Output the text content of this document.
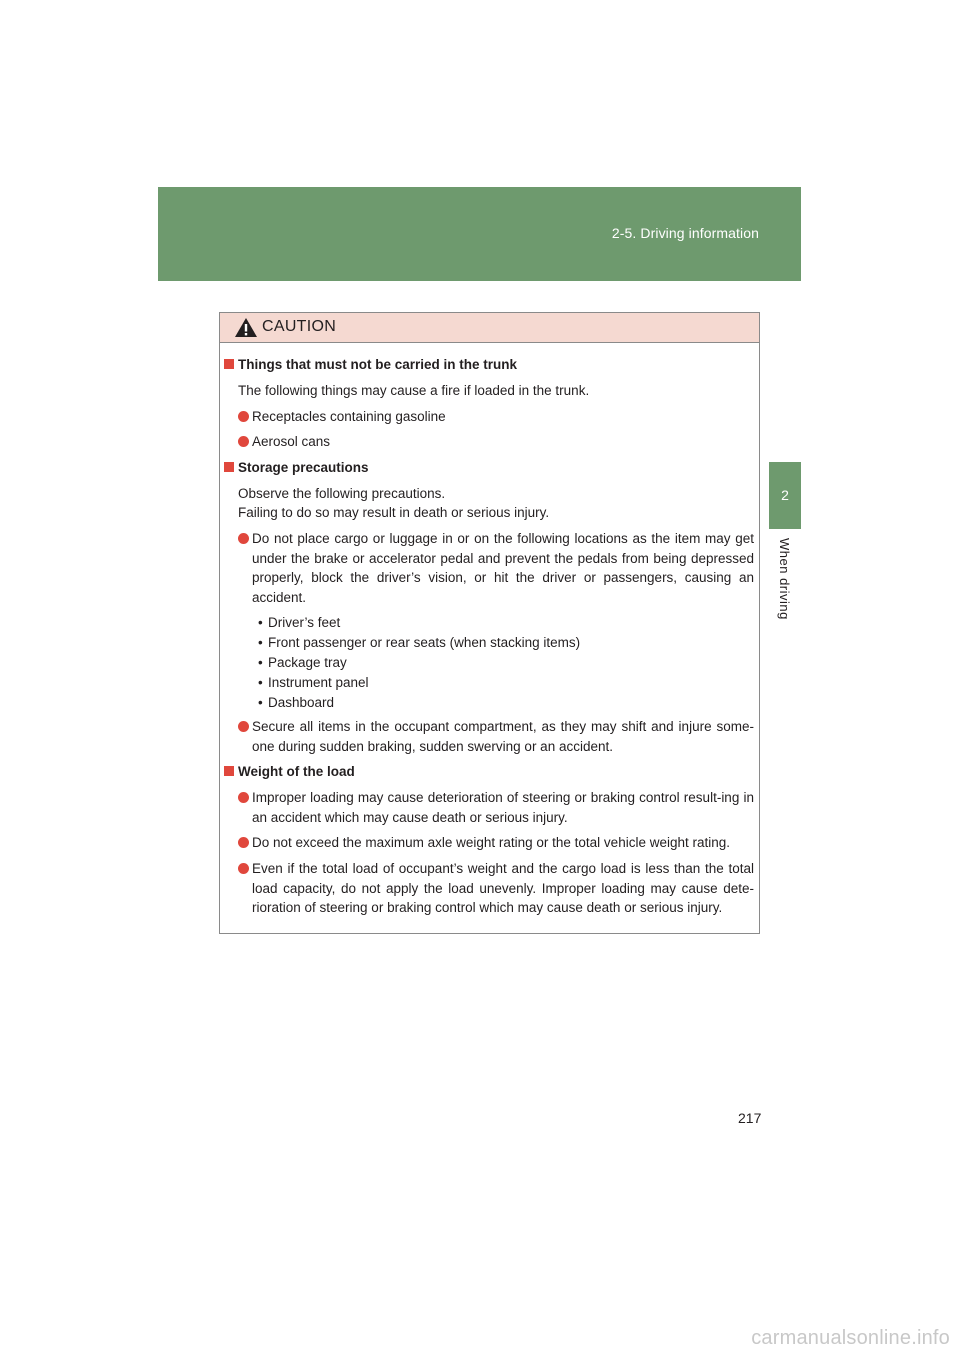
2-5. Driving information
2
When driving
CAUTION
Things that must not be carried in the trunk
The following things may cause a fire if loaded in the trunk.
Receptacles containing gasoline
Aerosol cans
Storage precautions
Observe the following precautions.
Failing to do so may result in death or serious injury.
Do not place cargo or luggage in or on the following locations as the item may get under the brake or accelerator pedal and prevent the pedals from being depressed properly, block the driver’s vision, or hit the driver or passengers, causing an accident.
• Driver’s feet
• Front passenger or rear seats (when stacking items)
• Package tray
• Instrument panel
• Dashboard
Secure all items in the occupant compartment, as they may shift and injure some-one during sudden braking, sudden swerving or an accident.
Weight of the load
Improper loading may cause deterioration of steering or braking control result-ing in an accident which may cause death or serious injury.
Do not exceed the maximum axle weight rating or the total vehicle weight rating.
Even if the total load of occupant’s weight and the cargo load is less than the total load capacity, do not apply the load unevenly. Improper loading may cause dete-rioration of steering or braking control which may cause death or serious injury.
217
carmanualsonline.info
